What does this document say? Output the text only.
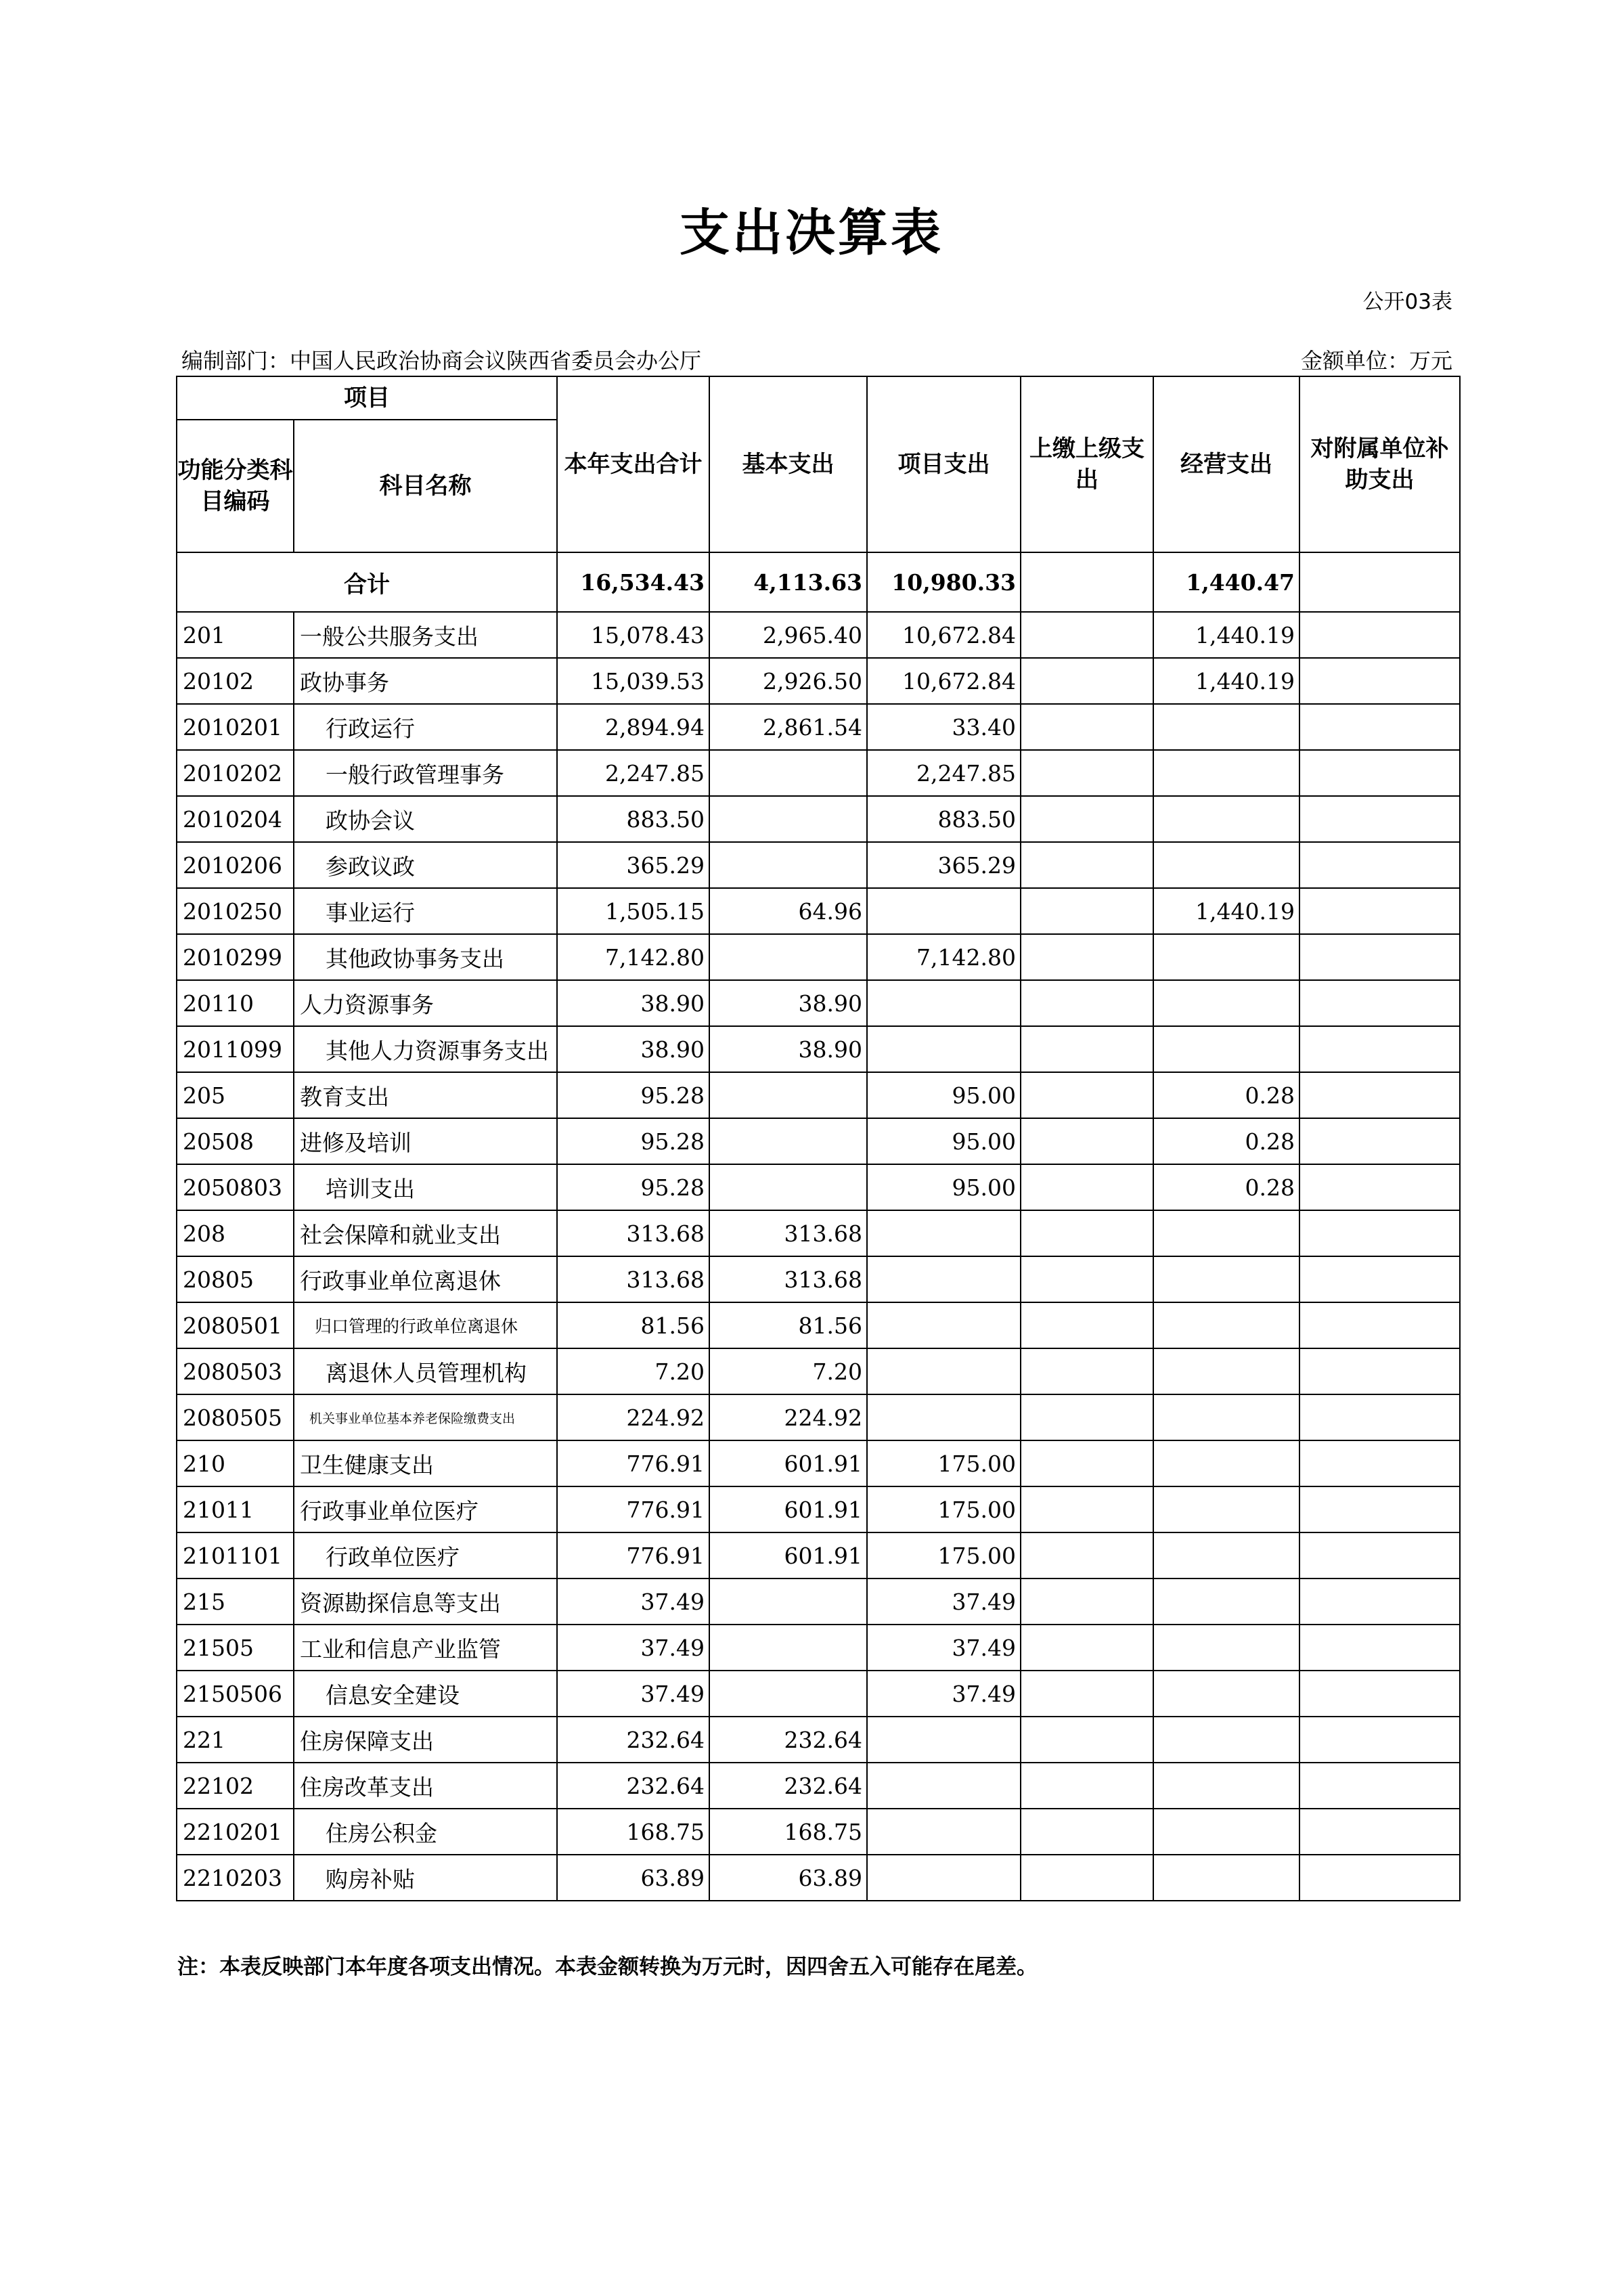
支出决算表
公开03表
编制部门：中国人民政治协商会议陕西省委员会办公厅	金额单位：万元
项目		本年支出合计	基本支出	项目支出	上缴上级支出	经营支出	对附属单位补助支出
功能分类科目编码	科目名称						
合计		16,534.43	4,113.63	10,980.33		1,440.47	
201	一般公共服务支出	15,078.43	2,965.40	10,672.84		1,440.19	
20102	政协事务	15,039.53	2,926.50	10,672.84		1,440.19	
2010201	行政运行	2,894.94	2,861.54	33.40			
2010202	一般行政管理事务	2,247.85		2,247.85			
2010204	政协会议	883.50		883.50			
2010206	参政议政	365.29		365.29			
2010250	事业运行	1,505.15	64.96			1,440.19	
2010299	其他政协事务支出	7,142.80		7,142.80			
20110	人力资源事务	38.90	38.90				
2011099	其他人力资源事务支出	38.90	38.90				
205	教育支出	95.28		95.00		0.28	
20508	进修及培训	95.28		95.00		0.28	
2050803	培训支出	95.28		95.00		0.28	
208	社会保障和就业支出	313.68	313.68				
20805	行政事业单位离退休	313.68	313.68				
2080501	归口管理的行政单位离退休	81.56	81.56				
2080503	离退休人员管理机构	7.20	7.20				
2080505	机关事业单位基本养老保险缴费支出	224.92	224.92				
210	卫生健康支出	776.91	601.91	175.00			
21011	行政事业单位医疗	776.91	601.91	175.00			
2101101	行政单位医疗	776.91	601.91	175.00			
215	资源勘探信息等支出	37.49		37.49			
21505	工业和信息产业监管	37.49		37.49			
2150506	信息安全建设	37.49		37.49			
221	住房保障支出	232.64	232.64				
22102	住房改革支出	232.64	232.64				
2210201	住房公积金	168.75	168.75				
2210203	购房补贴	63.89	63.89				
注：本表反映部门本年度各项支出情况。本表金额转换为万元时，因四舍五入可能存在尾差。
